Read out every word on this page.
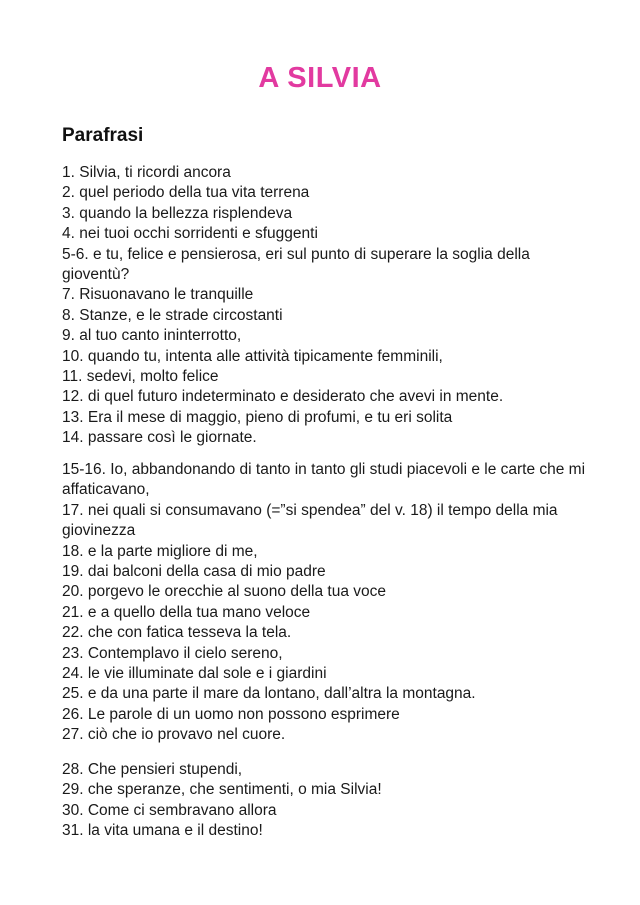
A SILVIA
Parafrasi
1. Silvia, ti ricordi ancora
2. quel periodo della tua vita terrena
3. quando la bellezza risplendeva
4. nei tuoi occhi sorridenti e sfuggenti
5-6. e tu, felice e pensierosa, eri sul punto di superare la soglia della gioventù?
7. Risuonavano le tranquille
8. Stanze, e le strade circostanti
9. al tuo canto ininterrotto,
10. quando tu, intenta alle attività tipicamente femminili,
11. sedevi, molto felice
12. di quel futuro indeterminato e desiderato che avevi in mente.
13. Era il mese di maggio, pieno di profumi, e tu eri solita
14. passare così le giornate.
15-16. Io, abbandonando di tanto in tanto gli studi piacevoli e le carte che mi affaticavano,
17. nei quali si consumavano (=”si spendea” del v. 18) il tempo della mia giovinezza
18. e la parte migliore di me,
19. dai balconi della casa di mio padre
20. porgevo le orecchie al suono della tua voce
21. e a quello della tua mano veloce
22. che con fatica tesseva la tela.
23. Contemplavo il cielo sereno,
24. le vie illuminate dal sole e i giardini
25. e da una parte il mare da lontano, dall’altra la montagna.
26. Le parole di un uomo non possono esprimere
27. ciò che io provavo nel cuore.
28. Che pensieri stupendi,
29. che speranze, che sentimenti, o mia Silvia!
30. Come ci sembravano allora
31. la vita umana e il destino!
